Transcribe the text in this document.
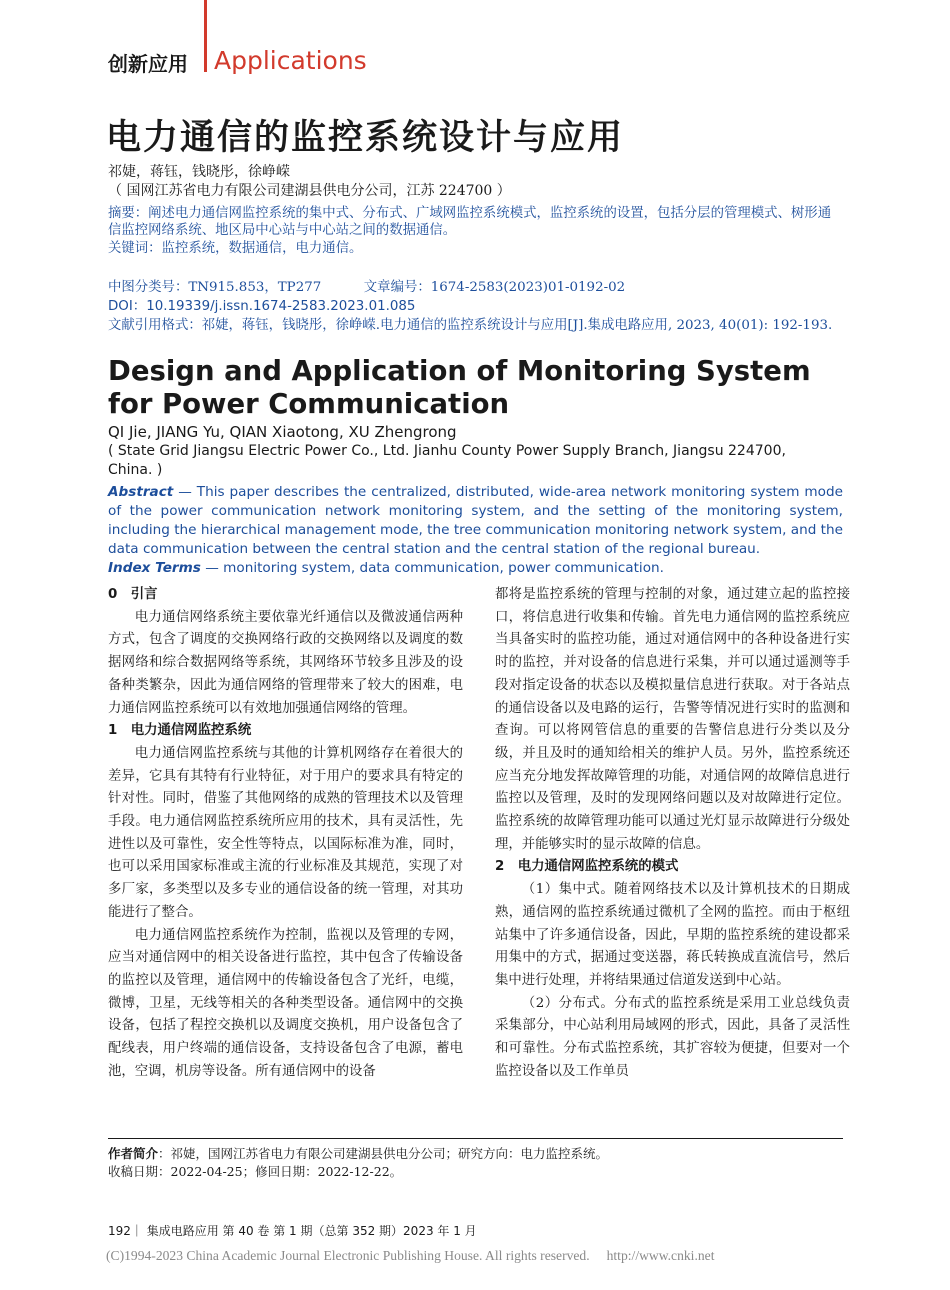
创新应用 Applications
电力通信的监控系统设计与应用
祁婕，蒋钰，钱晓彤，徐峥嵘
（ 国网江苏省电力有限公司建湖县供电分公司，江苏 224700 ）
摘要：阐述电力通信网监控系统的集中式、分布式、广域网监控系统模式，监控系统的设置，包括分层的管理模式、树形通信监控网络系统、地区局中心站与中心站之间的数据通信。
关键词：监控系统，数据通信，电力通信。
中图分类号：TN915.853，TP277	文章编号：1674-2583(2023)01-0192-02
DOI：10.19339/j.issn.1674-2583.2023.01.085
文献引用格式：祁婕，蒋钰，钱晓彤，徐峥嵘.电力通信的监控系统设计与应用[J].集成电路应用, 2023, 40(01): 192-193.
Design and Application of Monitoring System for Power Communication
QI Jie, JIANG Yu, QIAN Xiaotong, XU Zhengrong
( State Grid Jiangsu Electric Power Co., Ltd. Jianhu County Power Supply Branch, Jiangsu 224700, China. )
Abstract — This paper describes the centralized, distributed, wide-area network monitoring system mode of the power communication network monitoring system, and the setting of the monitoring system, including the hierarchical management mode, the tree communication monitoring network system, and the data communication between the central station and the central station of the regional bureau.
Index Terms — monitoring system, data communication, power communication.
0　引言

电力通信网络系统主要依靠光纤通信以及微波通信两种方式，包含了调度的交换网络行政的交换网络以及调度的数据网络和综合数据网络等系统，其网络环节较多且涉及的设备种类繁杂，因此为通信网络的管理带来了较大的困难，电力通信网监控系统可以有效地加强通信网络的管理。

1　电力通信网监控系统

电力通信网监控系统与其他的计算机网络存在着很大的差异，它具有其特有行业特征，对于用户的要求具有特定的针对性。同时，借鉴了其他网络的成熟的管理技术以及管理手段。电力通信网监控系统所应用的技术，具有灵活性，先进性以及可靠性，安全性等特点，以国际标准为准，同时，也可以采用国家标准或主流的行业标准及其规范，实现了对多厂家，多类型以及多专业的通信设备的统一管理，对其功能进行了整合。

电力通信网监控系统作为控制，监视以及管理的专网，应当对通信网中的相关设备进行监控，其中包含了传输设备的监控以及管理，通信网中的传输设备包含了光纤，电缆，微博，卫星，无线等相关的各种类型设备。通信网中的交换设备，包括了程控交换机以及调度交换机，用户设备包含了配线表，用户终端的通信设备，支持设备包含了电源，蓄电池，空调，机房等设备。所有通信网中的设备

都将是监控系统的管理与控制的对象，通过建立起的监控接口，将信息进行收集和传输。首先电力通信网的监控系统应当具备实时的监控功能，通过对通信网中的各种设备进行实时的监控，并对设备的信息进行采集，并可以通过遥测等手段对指定设备的状态以及模拟量信息进行获取。对于各站点的通信设备以及电路的运行，告警等情况进行实时的监测和查询。可以将网管信息的重要的告警信息进行分类以及分级，并且及时的通知给相关的维护人员。另外，监控系统还应当充分地发挥故障管理的功能，对通信网的故障信息进行监控以及管理，及时的发现网络问题以及对故障进行定位。监控系统的故障管理功能可以通过光灯显示故障进行分级处理，并能够实时的显示故障的信息。

2　电力通信网监控系统的模式

（1）集中式。随着网络技术以及计算机技术的日期成熟，通信网的监控系统通过微机了全网的监控。而由于枢纽站集中了许多通信设备，因此，早期的监控系统的建设都采用集中的方式，据通过变送器，蒋氏转换成直流信号，然后集中进行处理，并将结果通过信道发送到中心站。

（2）分布式。分布式的监控系统是采用工业总线负责采集部分，中心站利用局域网的形式，因此，具备了灵活性和可靠性。分布式监控系统，其扩容较为便捷，但要对一个监控设备以及工作单员

作者简介：祁婕，国网江苏省电力有限公司建湖县供电分公司；研究方向：电力监控系统。
收稿日期：2022-04-25；修回日期：2022-12-22。
192｜ 集成电路应用 第 40 卷 第 1 期（总第 352 期）2023 年 1 月
(C)1994-2023 China Academic Journal Electronic Publishing House. All rights reserved.　 http://www.cnki.net
